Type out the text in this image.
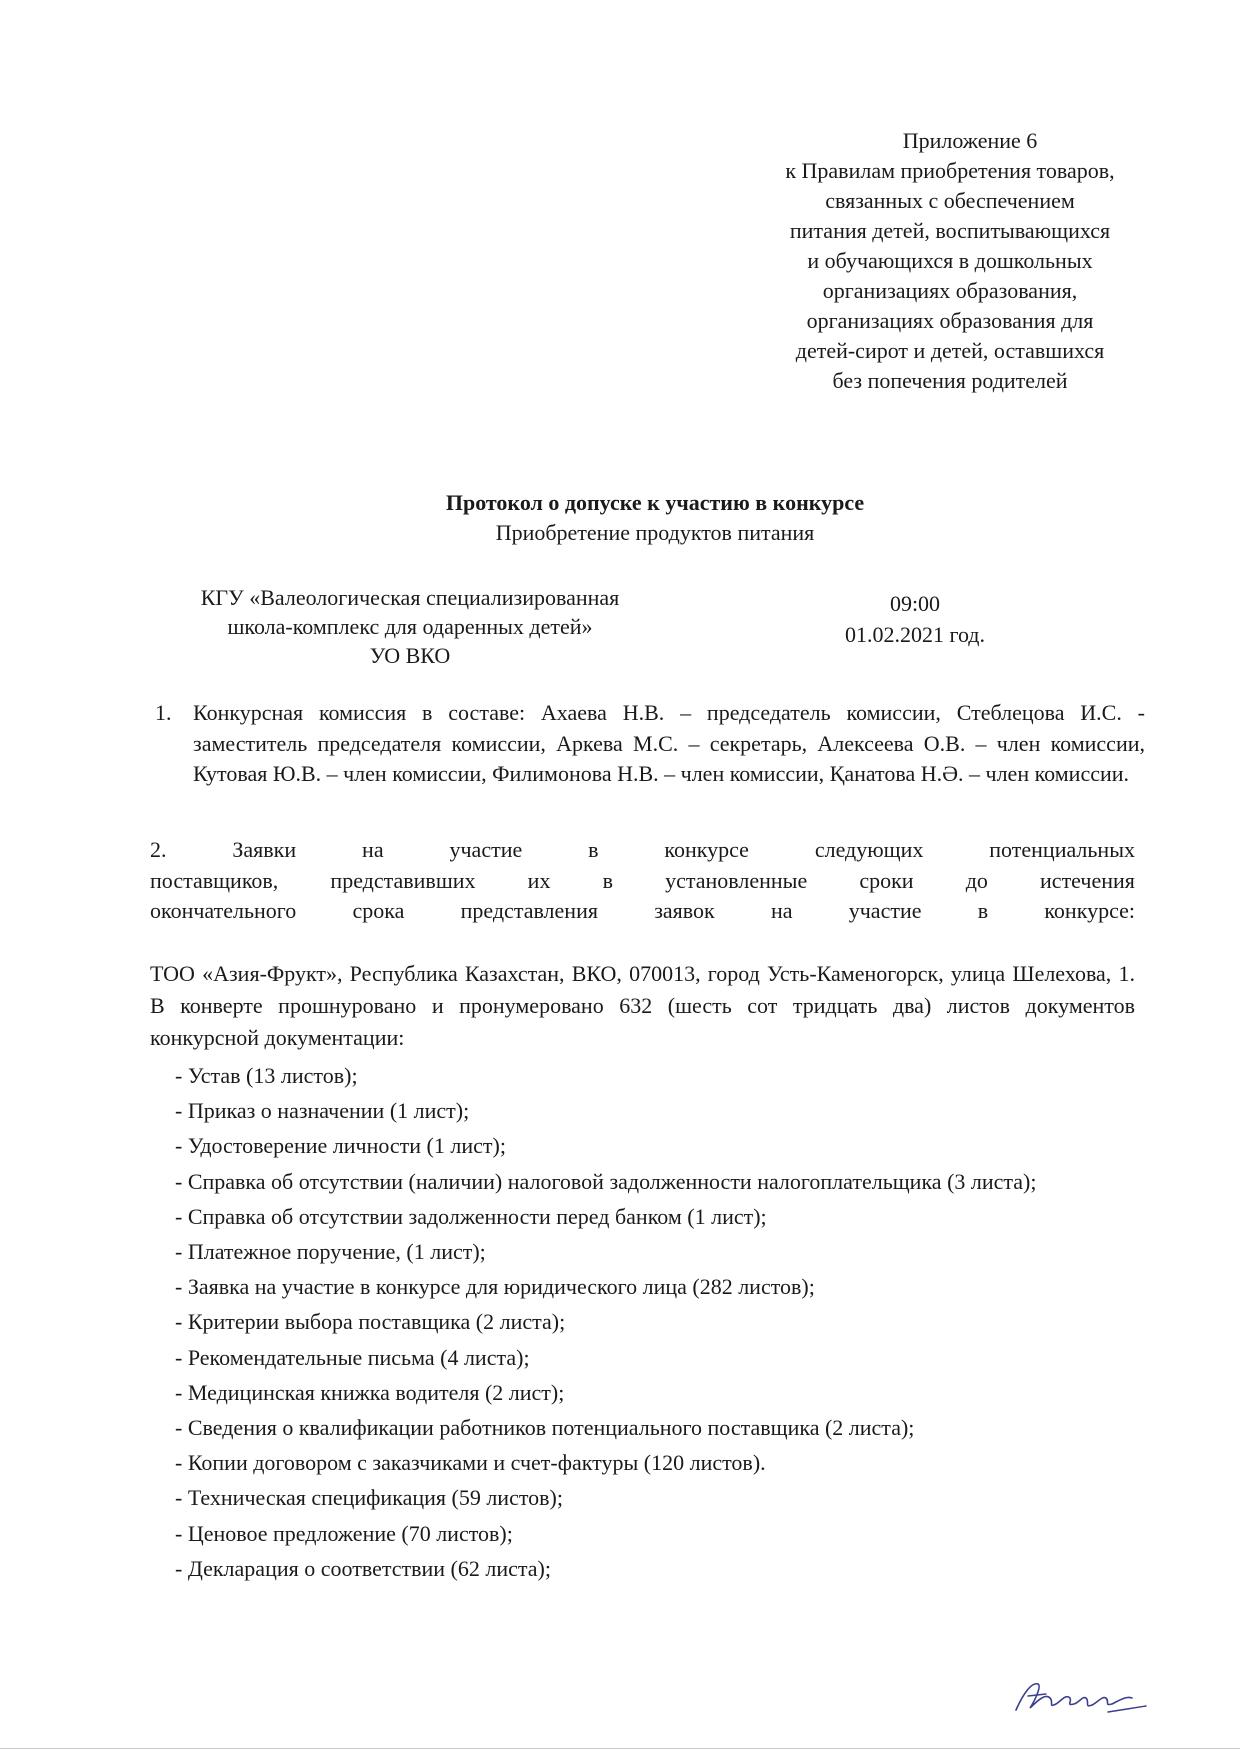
Приложение 6
к Правилам приобретения товаров,
связанных с обеспечением
питания детей, воспитывающихся
и обучающихся в дошкольных
организациях образования,
организациях образования для
детей-сирот и детей, оставшихся
без попечения родителей
Протокол о допуске к участию в конкурсе
Приобретение продуктов питания
КГУ «Валеологическая специализированная
школа-комплекс для одаренных детей»
УО ВКО
09:00
01.02.2021 год.
1. Конкурсная комиссия в составе: Ахаева Н.В. – председатель комиссии, Стеблецова И.С. - заместитель председателя комиссии, Аркева М.С. – секретарь, Алексеева О.В. – член комиссии, Кутовая Ю.В. – член комиссии, Филимонова Н.В. – член комиссии, Қанатова Н.Ә. – член комиссии.
2.	Заявки	на	участие	в	конкурсе	следующих	потенциальных
поставщиков, представивших их в установленные сроки до истечения
окончательного	срока	представления	заявок	на	участие	в	конкурсе:
ТОО «Азия-Фрукт», Республика Казахстан, ВКО, 070013, город Усть-Каменогорск, улица Шелехова, 1. В конверте прошнуровано и пронумеровано 632 (шесть сот тридцать два) листов документов конкурсной документации:
- Устав (13 листов);
- Приказ о назначении (1 лист);
- Удостоверение личности (1 лист);
- Справка об отсутствии (наличии) налоговой задолженности налогоплательщика (3 листа);
- Справка об отсутствии задолженности перед банком (1 лист);
- Платежное поручение, (1 лист);
- Заявка на участие в конкурсе для юридического лица (282 листов);
- Критерии выбора поставщика (2 листа);
- Рекомендательные письма (4 листа);
- Медицинская книжка водителя (2 лист);
- Сведения о квалификации работников потенциального поставщика (2 листа);
- Копии договором с заказчиками и счет-фактуры (120 листов).
- Техническая спецификация (59 листов);
- Ценовое предложение (70 листов);
- Декларация о соответствии (62 листа);
